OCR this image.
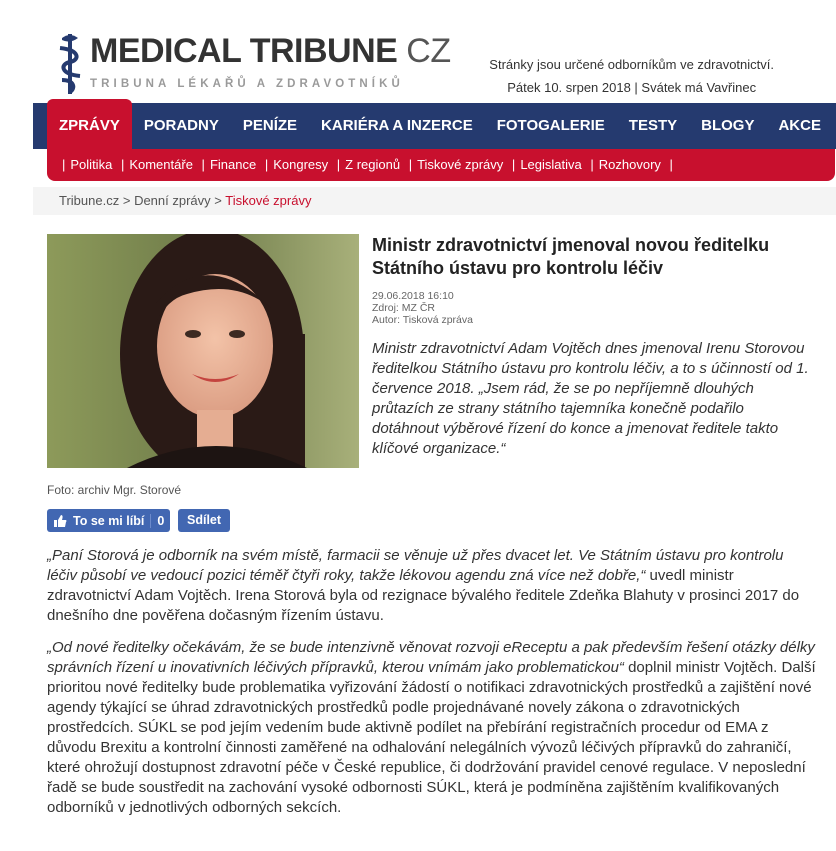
MEDICAL TRIBUNE CZ
TRIBUNA LÉKAŘŮ A ZDRAVOTNÍKŮ
Stránky jsou určené odborníkům ve zdravotnictví.
Pátek 10. srpen 2018 | Svátek má Vavřinec
ZPRÁVY	PORADNY	PENÍZE	KARIÉRA A INZERCE	FOTOGALERIE	TESTY	BLOGY	AKCE
| Politika | Komentáře | Finance | Kongresy | Z regionů | Tiskové zprávy | Legislativa | Rozhovory |
Tribune.cz > Denní zprávy > Tiskové zprávy
Foto: archiv Mgr. Storové
To se mi líbí	0	Sdílet
Ministr zdravotnictví jmenoval novou ředitelku Státního ústavu pro kontrolu léčiv
29.06.2018 16:10
Zdroj: MZ ČR
Autor: Tisková zpráva
Ministr zdravotnictví Adam Vojtěch dnes jmenoval Irenu Storovou ředitelkou Státního ústavu pro kontrolu léčiv, a to s účinností od 1. července 2018. „Jsem rád, že se po nepříjemně dlouhých průtazích ze strany státního tajemníka konečně podařilo dotáhnout výběrové řízení do konce a jmenovat ředitele takto klíčové organizace.“

„Paní Storová je odborník na svém místě, farmacii se věnuje už přes dvacet let. Ve Státním ústavu pro kontrolu léčiv působí ve vedoucí pozici téměř čtyři roky, takže lékovou agendu zná více než dobře,“ uvedl ministr zdravotnictví Adam Vojtěch. Irena Storová byla od rezignace bývalého ředitele Zdeňka Blahuty v prosinci 2017 do dnešního dne pověřena dočasným řízením ústavu.

„Od nové ředitelky očekávám, že se bude intenzivně věnovat rozvoji eReceptu a pak především řešení otázky délky správních řízení u inovativních léčivých přípravků, kterou vnímám jako problematickou“ doplnil ministr Vojtěch. Další prioritou nové ředitelky bude problematika vyřizování žádostí o notifikaci zdravotnických prostředků a zajištění nové agendy týkající se úhrad zdravotnických prostředků podle projednávané novely zákona o zdravotnických prostředcích. SÚKL se pod jejím vedením bude aktivně podílet na přebírání registračních procedur od EMA z důvodu Brexitu a kontrolní činnosti zaměřené na odhalování nelegálních vývozů léčivých přípravků do zahraničí, které ohrožují dostupnost zdravotní péče v České republice, či dodržování pravidel cenové regulace. V neposlední řadě se bude soustředit na zachování vysoké odbornosti SÚKL, která je podmíněna zajištěním kvalifikovaných odborníků v jednotlivých odborných sekcích.
